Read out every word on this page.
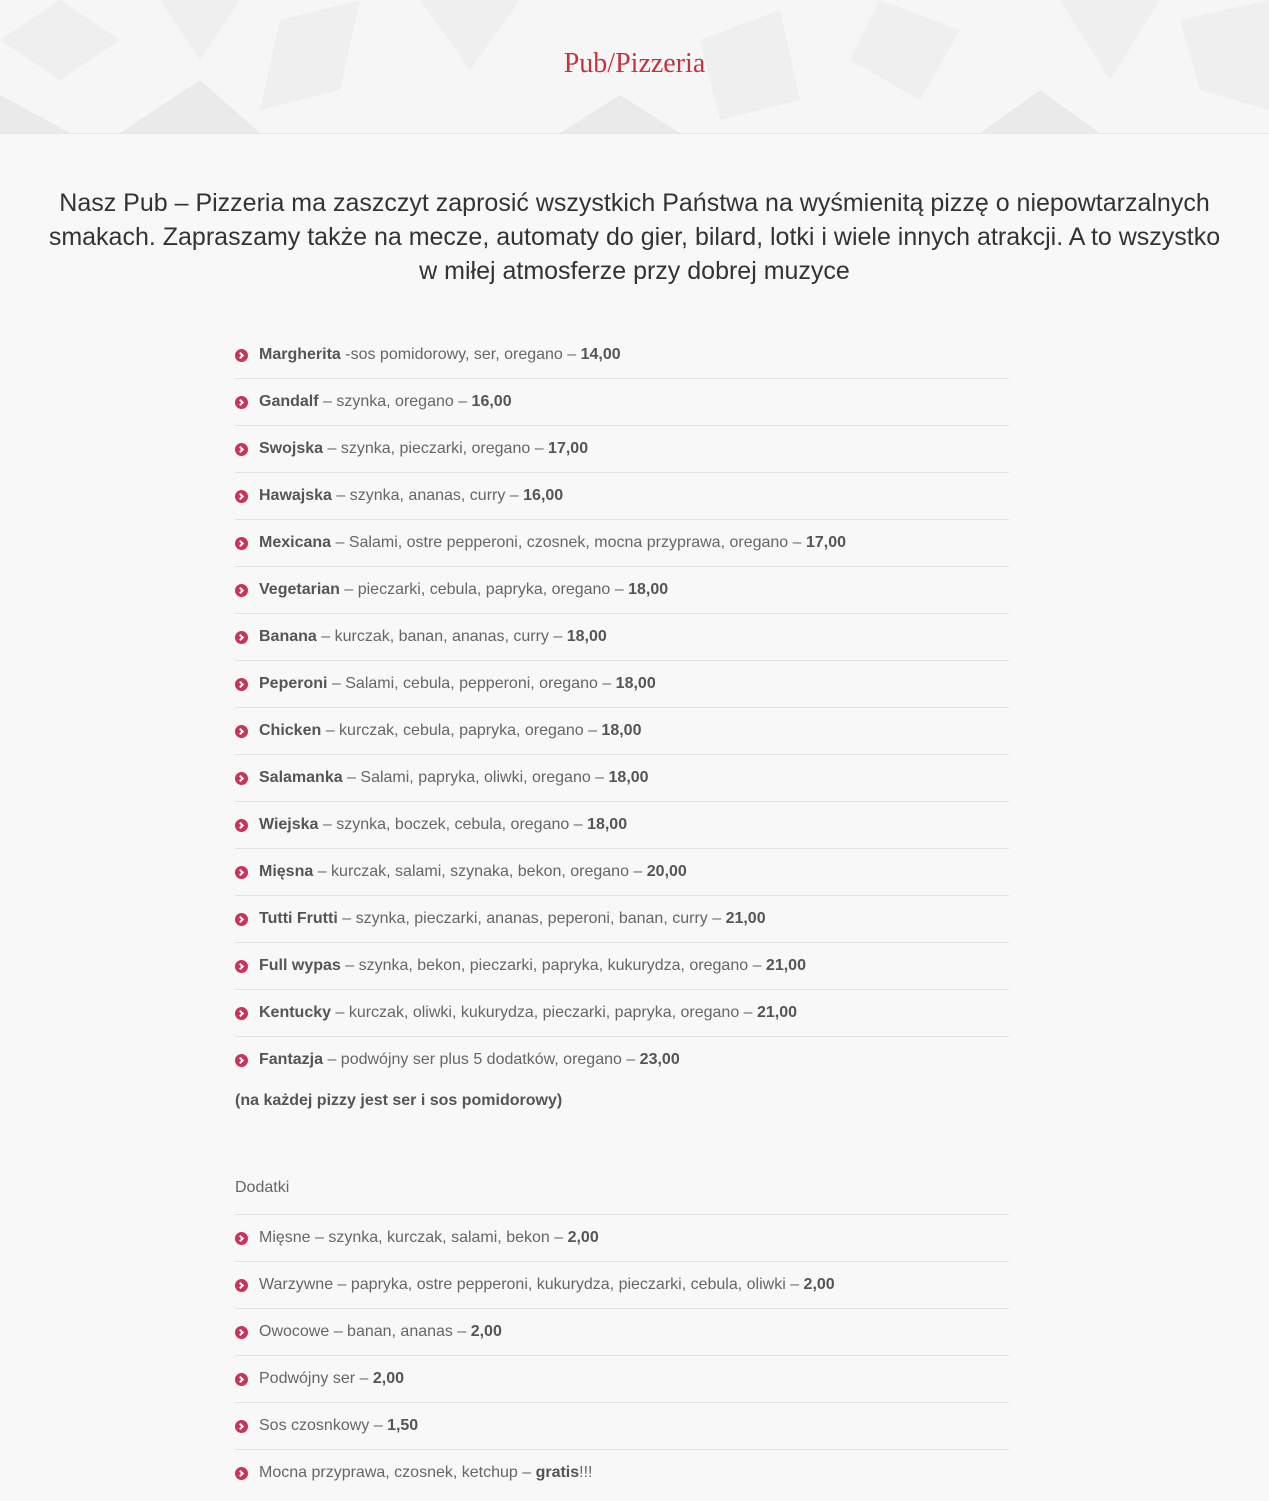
Pub/Pizzeria
Nasz Pub – Pizzeria ma zaszczyt zaprosić wszystkich Państwa na wyśmienitą pizzę o niepowtarzalnych smakach. Zapraszamy także na mecze, automaty do gier, bilard, lotki i wiele innych atrakcji. A to wszystko w miłej atmosferze przy dobrej muzyce
Margherita -sos pomidorowy, ser, oregano – 14,00
Gandalf – szynka, oregano – 16,00
Swojska – szynka, pieczarki, oregano – 17,00
Hawajska – szynka, ananas, curry – 16,00
Mexicana – Salami, ostre pepperoni, czosnek, mocna przyprawa, oregano – 17,00
Vegetarian – pieczarki, cebula, papryka, oregano – 18,00
Banana – kurczak, banan, ananas, curry – 18,00
Peperoni – Salami, cebula, pepperoni, oregano – 18,00
Chicken – kurczak, cebula, papryka, oregano – 18,00
Salamanka – Salami, papryka, oliwki, oregano – 18,00
Wiejska – szynka, boczek, cebula, oregano – 18,00
Mięsna – kurczak, salami, szynaka, bekon, oregano – 20,00
Tutti Frutti – szynka, pieczarki, ananas, peperoni, banan, curry – 21,00
Full wypas – szynka, bekon, pieczarki, papryka, kukurydza, oregano – 21,00
Kentucky – kurczak, oliwki, kukurydza, pieczarki, papryka, oregano – 21,00
Fantazja – podwójny ser plus 5 dodatków, oregano – 23,00
(na każdej pizzy jest ser i sos pomidorowy)
Dodatki
Mięsne – szynka, kurczak, salami, bekon – 2,00
Warzywne – papryka, ostre pepperoni, kukurydza, pieczarki, cebula, oliwki – 2,00
Owocowe – banan, ananas – 2,00
Podwójny ser – 2,00
Sos czosnkowy – 1,50
Mocna przyprawa, czosnek, ketchup – gratis!!!
